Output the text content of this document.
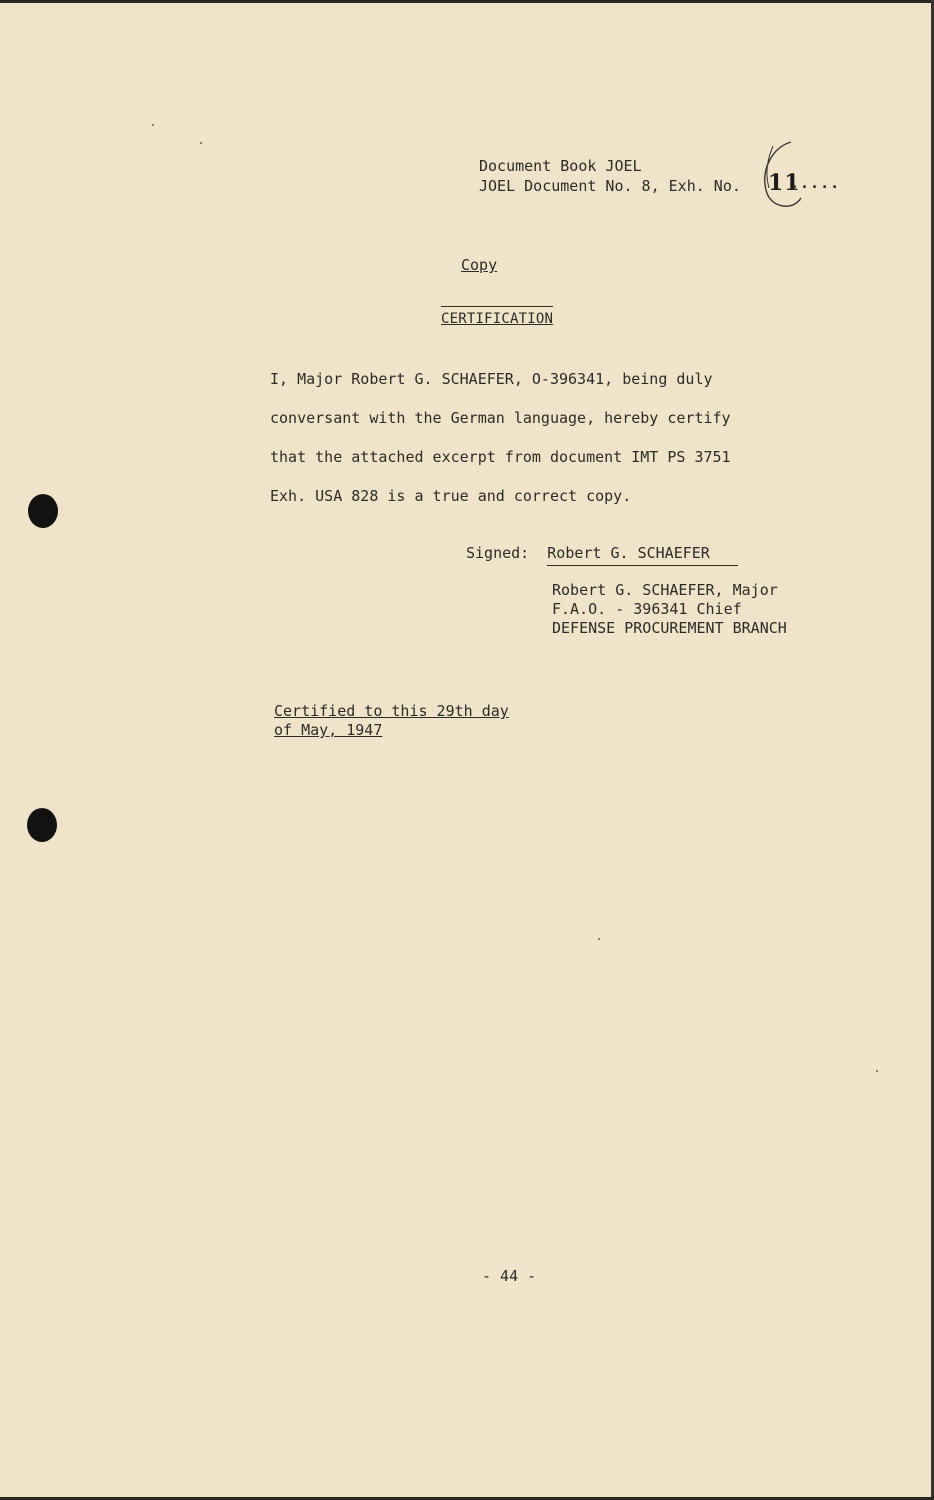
Document Book JOEL
JOEL Document No. 8, Exh. No. 11
.....
Copy
CERTIFICATION
I, Major Robert G. SCHAEFER, O-396341, being duly
conversant with the German language, hereby certify
that the attached excerpt from document IMT PS 3751
Exh. USA 828 is a true and correct copy.
Signed: Robert G. SCHAEFER
Robert G. SCHAEFER, Major
F.A.O. - 396341 Chief
DEFENSE PROCUREMENT BRANCH
Certified to this 29th day
of May, 1947
- 44 -
